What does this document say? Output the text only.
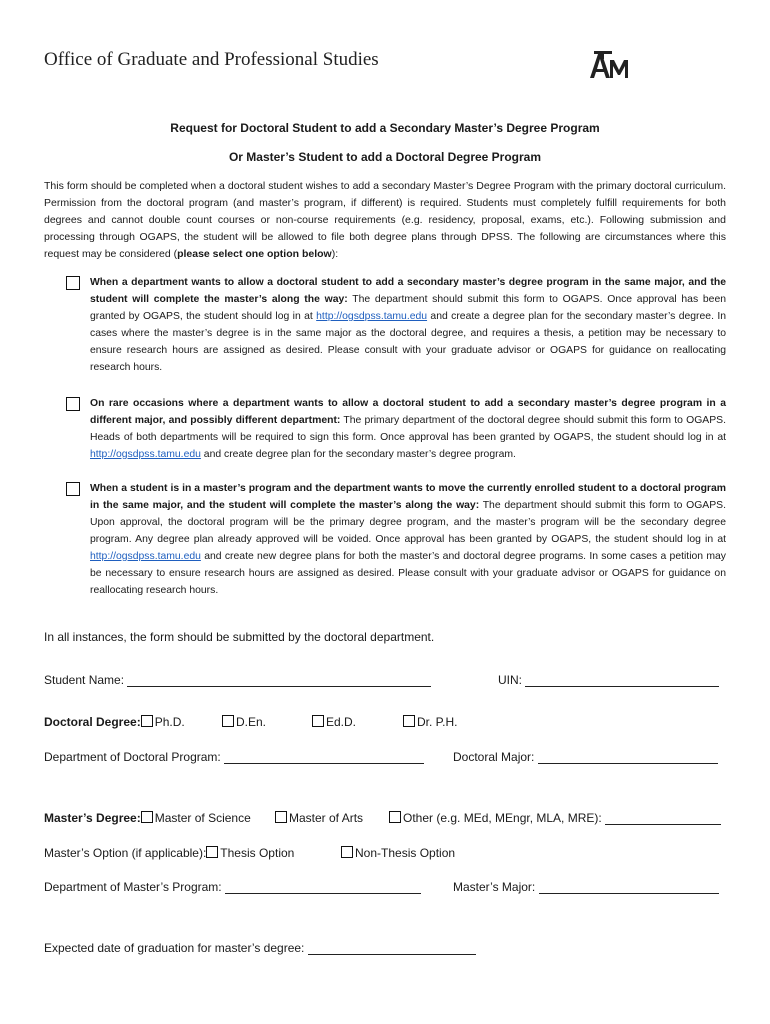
Office of Graduate and Professional Studies
Request for Doctoral Student to add a Secondary Master’s Degree Program
Or Master’s Student to add a Doctoral Degree Program
This form should be completed when a doctoral student wishes to add a secondary Master’s Degree Program with the primary doctoral curriculum. Permission from the doctoral program (and master’s program, if different) is required. Students must completely fulfill requirements for both degrees and cannot double count courses or non-course requirements (e.g. residency, proposal, exams, etc.). Following submission and processing through OGAPS, the student will be allowed to file both degree plans through DPSS. The following are circumstances where this request may be considered (please select one option below):
When a department wants to allow a doctoral student to add a secondary master’s degree program in the same major, and the student will complete the master’s along the way: The department should submit this form to OGAPS. Once approval has been granted by OGAPS, the student should log in at http://ogsdpss.tamu.edu and create a degree plan for the secondary master’s degree. In cases where the master’s degree is in the same major as the doctoral degree, and requires a thesis, a petition may be necessary to ensure research hours are assigned as desired. Please consult with your graduate advisor or OGAPS for guidance on reallocating research hours.
On rare occasions where a department wants to allow a doctoral student to add a secondary master’s degree program in a different major, and possibly different department: The primary department of the doctoral degree should submit this form to OGAPS. Heads of both departments will be required to sign this form. Once approval has been granted by OGAPS, the student should log in at http://ogsdpss.tamu.edu and create degree plan for the secondary master’s degree program.
When a student is in a master’s program and the department wants to move the currently enrolled student to a doctoral program in the same major, and the student will complete the master’s along the way: The department should submit this form to OGAPS. Upon approval, the doctoral program will be the primary degree program, and the master’s program will be the secondary degree program. Any degree plan already approved will be voided. Once approval has been granted by OGAPS, the student should log in at http://ogsdpss.tamu.edu and create new degree plans for both the master’s and doctoral degree programs. In some cases a petition may be necessary to ensure research hours are assigned as desired. Please consult with your graduate advisor or OGAPS for guidance on reallocating research hours.
In all instances, the form should be submitted by the doctoral department.
Student Name:	UIN:
Doctoral Degree: Ph.D.	D.En.	Ed.D.	Dr. P.H.
Department of Doctoral Program:	Doctoral Major:
Master’s Degree: Master of Science	Master of Arts	Other (e.g. MEd, MEngr, MLA, MRE):
Master’s Option (if applicable): Thesis Option	Non-Thesis Option
Department of Master’s Program:	Master’s Major:
Expected date of graduation for master’s degree:
